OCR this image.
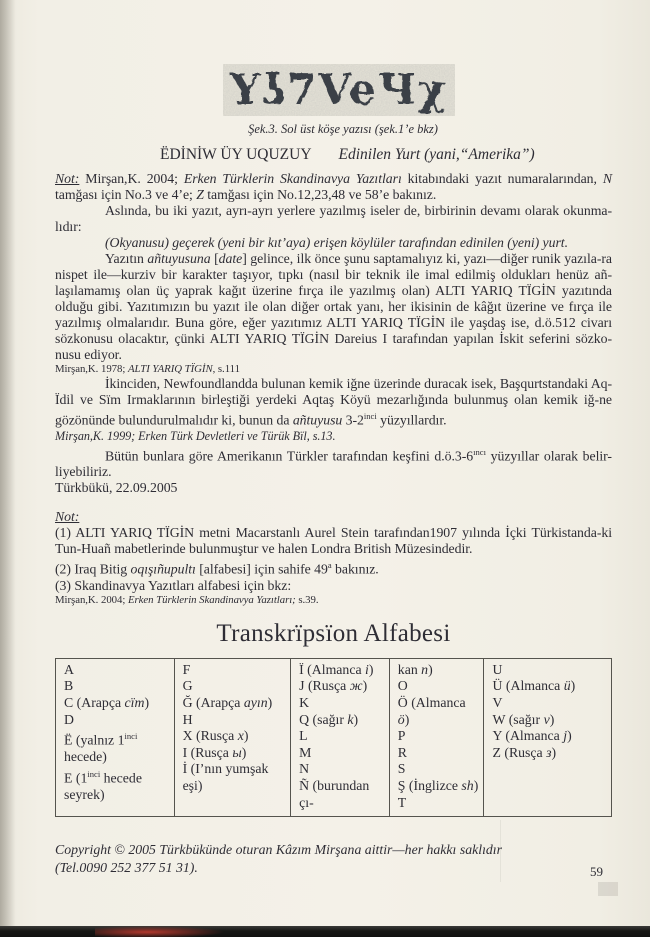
Yʖ7VeЧχ
Şek.3. Sol üst köşe yazısı (şek.1’e bkz)
ËDİNİW ÜY UQUZUY Edinilen Yurt (yani,“Amerika”)

Not: Mirşan,K. 2004; Erken Türklerin Skandinavya Yazıtları kitabındaki yazıt numaralarından, N tamğası için No.3 ve 4’e; Z tamğası için No.12,23,48 ve 58’e bakınız.

Aslında, bu iki yazıt, ayrı-ayrı yerlere yazılmış iseler de, birbirinin devamı olarak okunma-lıdır:

(Okyanusu) geçerek (yeni bir kıt’aya) erişen köylüler tarafından edinilen (yeni) yurt.

Yazıtın añtuyusuna [date] gelince, ilk önce şunu saptamalıyız ki, yazı—diğer runik yazıla-ra nispet ile—kurziv bir karakter taşıyor, tıpkı (nasıl bir teknik ile imal edilmiş oldukları henüz añ-laşılamamış olan üç yaprak kağıt üzerine fırça ile yazılmış olan) ALTI YARIQ TÏGİN yazıtında olduğu gibi. Yazıtımızın bu yazıt ile olan diğer ortak yanı, her ikisinin de kâğıt üzerine ve fırça ile yazılmış olmalarıdır. Buna göre, eğer yazıtımız ALTI YARIQ TÏGİN ile yaşdaş ise, d.ö.512 civarı sözkonusu olacaktır, çünki ALTI YARIQ TÏGİN Dareius I tarafından yapılan İskit seferini sözko-nusu ediyor.

Mirşan,K. 1978; ALTI YARIQ TÏGİN, s.111

İkinciden, Newfoundlandda bulunan kemik iğne üzerinde duracak isek, Başqurtstandaki Aq-Ïdil ve Sïm Irmaklarının birleştiği yerdeki Aqtaş Köyü mezarlığında bulunmuş olan kemik iğ-ne gözönünde bulundurulmalıdır ki, bunun da añtuyusu $3-2^{inci}$ yüzyıllardır.

Mirşan,K. 1999; Erken Türk Devletleri ve Türük Bïl, s.13.

Bütün bunlara göre Amerikanın Türkler tarafından keşfini $d.ö.3-6^{ıncı}$ yüzyıllar olarak belir-liyebiliriz.

Türkbükü, 22.09.2005

Not:

(1) ALTI YARIQ TÏGİN metni Macarstanlı Aurel Stein tarafından1907 yılında İçki Türkistanda-ki Tun-Huañ mabetlerinde bulunmuştur ve halen Londra British Müzesindedir.

(2) Iraq Bitig oqışıñupultı [alfabesi] için sahife 49$^a$ bakınız.

(3) Skandinavya Yazıtları alfabesi için bkz:

Mirşan,K. 2004; Erken Türklerin Skandinavya Yazıtları; s.39.

Transkrïpsïon Alfabesi
A
B
C (Arapça cïm)
D
Ë (yalnız $1^{inci}$
hecede)
E ($1^{inci}$ hecede
seyrek)
F
G
Ğ (Arapça ayın)
H
X (Rusça x)
I (Rusça ы)
İ (I’nın yumşak
eşi)
Ï (Almanca i)
J (Rusça ж)
K
Q (sağır k)
L
M
N
Ñ (burundan çı-
kan n)
O
Ö (Almanca ö)
P
R
S
Ş (İnglizce sh)
T
U
Ü (Almanca ü)
V
W (sağır v)
Y (Almanca j)
Z (Rusça з)
Copyright © 2005 Türkbükünde oturan Kâzım Mirşana aittir—her hakkı saklıdır
(Tel.0090 252 377 51 31).	59
